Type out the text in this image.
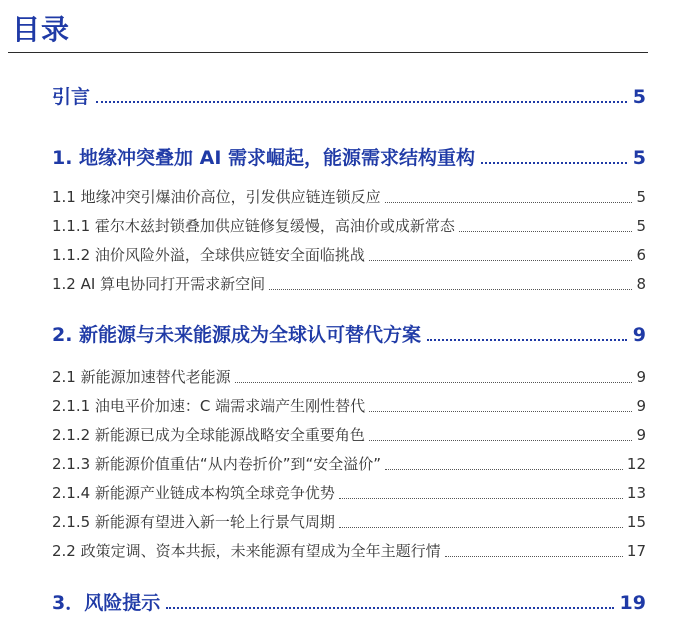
目录
引言	5
1. 地缘冲突叠加 AI 需求崛起，能源需求结构重构	5
1.1 地缘冲突引爆油价高位，引发供应链连锁反应	5
1.1.1 霍尔木兹封锁叠加供应链修复缓慢，高油价或成新常态	5
1.1.2 油价风险外溢，全球供应链安全面临挑战	6
1.2 AI 算电协同打开需求新空间	8
2. 新能源与未来能源成为全球认可替代方案	9
2.1 新能源加速替代老能源	9
2.1.1 油电平价加速：C 端需求端产生刚性替代	9
2.1.2 新能源已成为全球能源战略安全重要角色	9
2.1.3 新能源价值重估“从内卷折价”到“安全溢价”	12
2.1.4 新能源产业链成本构筑全球竞争优势	13
2.1.5 新能源有望进入新一轮上行景气周期	15
2.2 政策定调、资本共振，未来能源有望成为全年主题行情	17
3．风险提示	19
